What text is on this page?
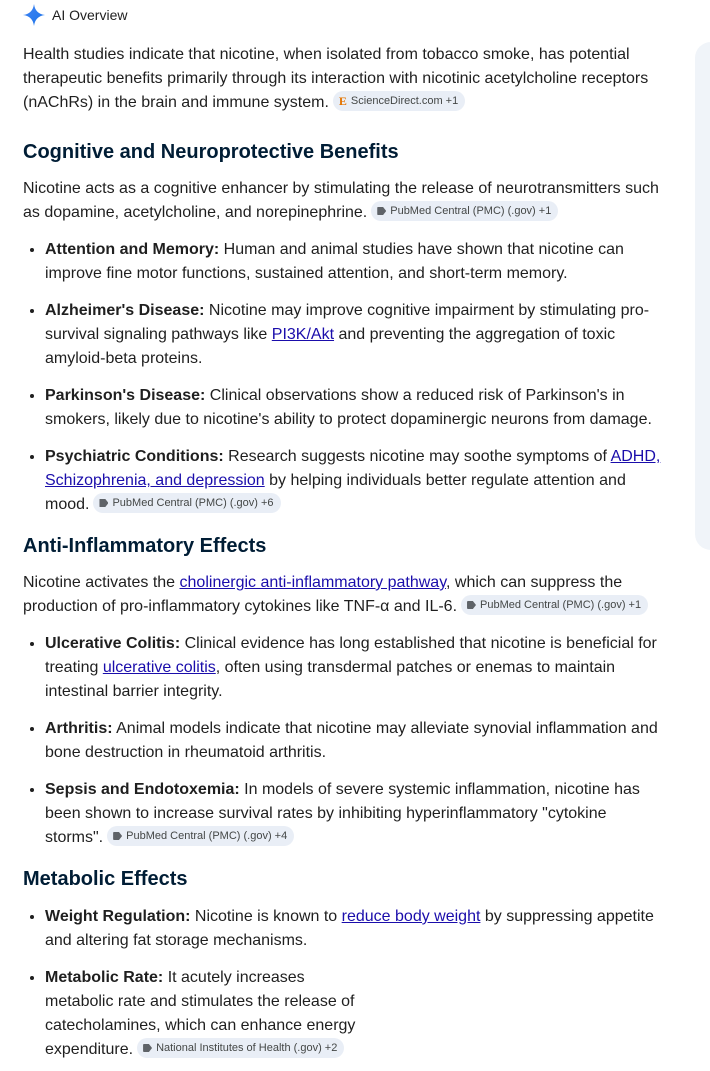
AI Overview

Health studies indicate that nicotine, when isolated from tobacco smoke, has potential therapeutic benefits primarily through its interaction with nicotinic acetylcholine receptors (nAChRs) in the brain and immune system. E ScienceDirect.com +1

Cognitive and Neuroprotective Benefits

Nicotine acts as a cognitive enhancer by stimulating the release of neurotransmitters such as dopamine, acetylcholine, and norepinephrine. PubMed Central (PMC) (.gov) +1

• Attention and Memory: Human and animal studies have shown that nicotine can improve fine motor functions, sustained attention, and short-term memory.
• Alzheimer's Disease: Nicotine may improve cognitive impairment by stimulating pro-survival signaling pathways like PI3K/Akt and preventing the aggregation of toxic amyloid-beta proteins.
• Parkinson's Disease: Clinical observations show a reduced risk of Parkinson's in smokers, likely due to nicotine's ability to protect dopaminergic neurons from damage.
• Psychiatric Conditions: Research suggests nicotine may soothe symptoms of ADHD, Schizophrenia, and depression by helping individuals better regulate attention and mood. PubMed Central (PMC) (.gov) +6
Anti-Inflammatory Effects

Nicotine activates the cholinergic anti-inflammatory pathway, which can suppress the production of pro-inflammatory cytokines like TNF-α and IL-6. PubMed Central (PMC) (.gov) +1

• Ulcerative Colitis: Clinical evidence has long established that nicotine is beneficial for treating ulcerative colitis, often using transdermal patches or enemas to maintain intestinal barrier integrity.
• Arthritis: Animal models indicate that nicotine may alleviate synovial inflammation and bone destruction in rheumatoid arthritis.
• Sepsis and Endotoxemia: In models of severe systemic inflammation, nicotine has been shown to increase survival rates by inhibiting hyperinflammatory "cytokine storms". PubMed Central (PMC) (.gov) +4
Metabolic Effects
• Weight Regulation: Nicotine is known to reduce body weight by suppressing appetite and altering fat storage mechanisms.
• Metabolic Rate: It acutely increases metabolic rate and stimulates the release of catecholamines, which can enhance energy
expenditure. National Institutes of Health (.gov) +2
